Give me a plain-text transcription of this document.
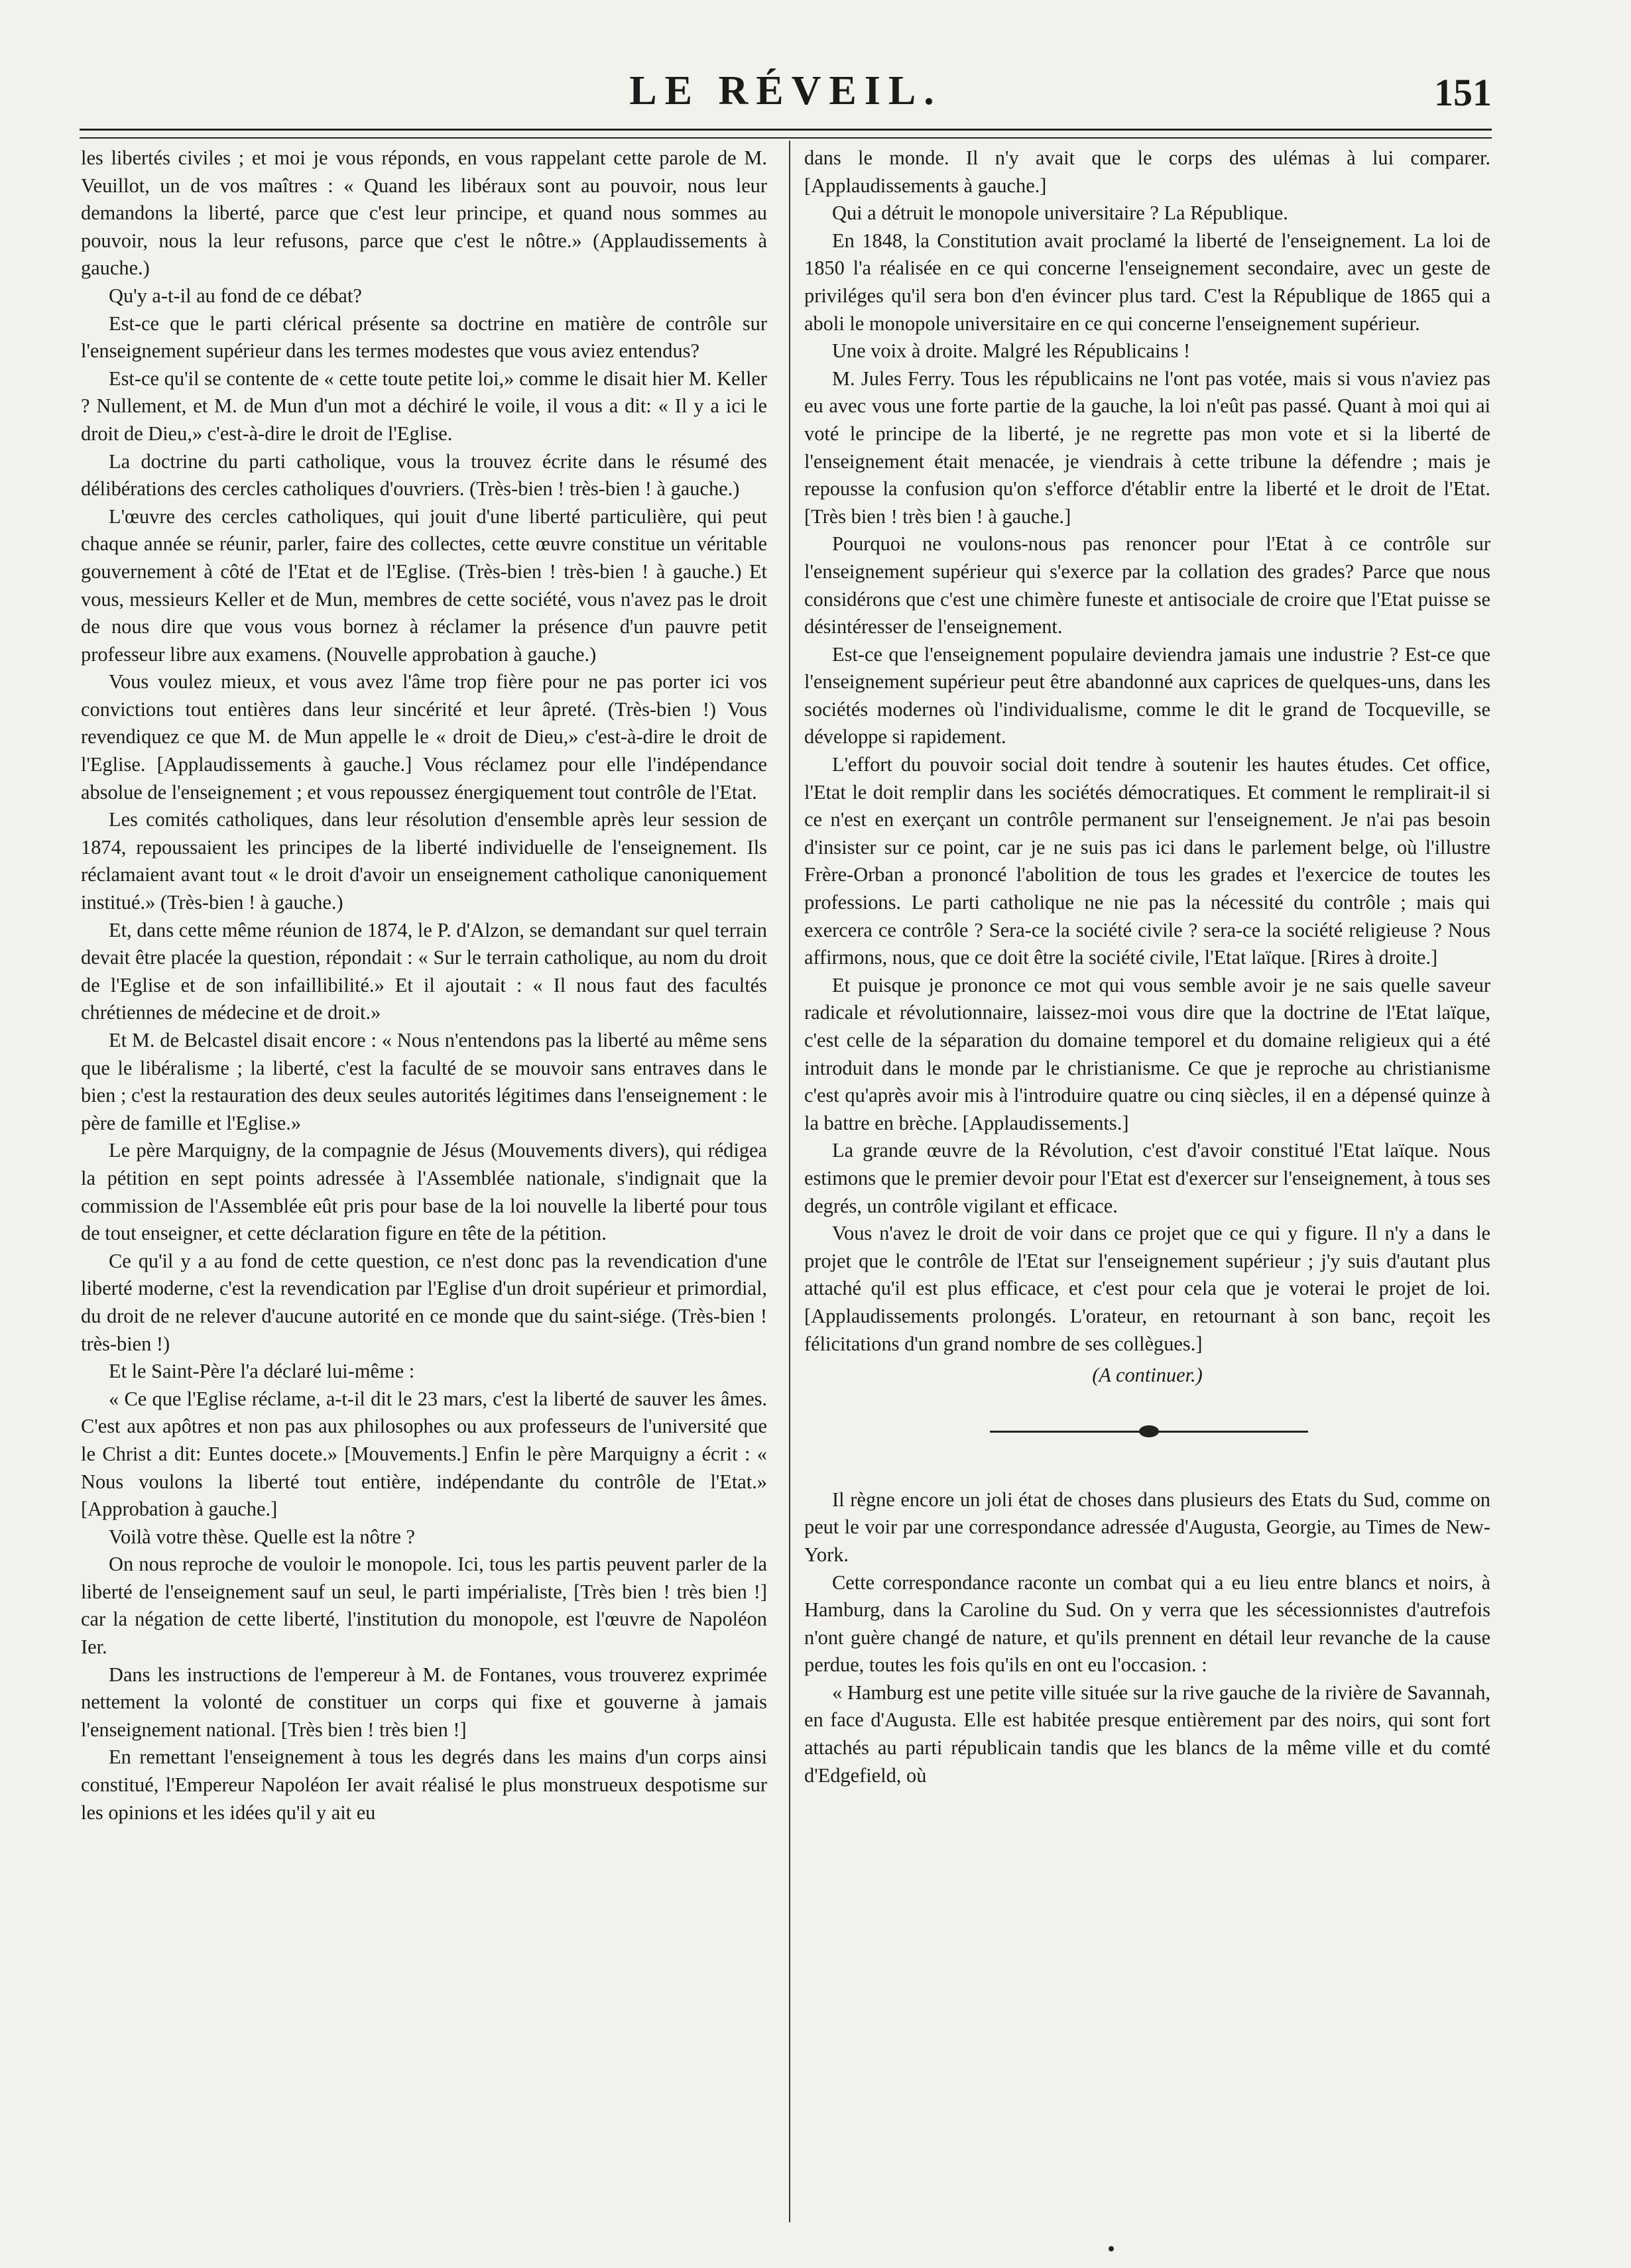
LE RÉVEIL.	151

les libertés civiles ; et moi je vous réponds, en vous rappelant cette parole de M. Veuillot, un de vos maîtres : « Quand les libéraux sont au pouvoir, nous leur demandons la liberté, parce que c'est leur principe, et quand nous sommes au pouvoir, nous la leur refusons, parce que c'est le nôtre.» (Applaudissements à gauche.)

Qu'y a-t-il au fond de ce débat?

Est-ce que le parti clérical présente sa doctrine en matière de contrôle sur l'enseignement supérieur dans les termes modestes que vous aviez entendus?

Est-ce qu'il se contente de « cette toute petite loi,» comme le disait hier M. Keller ? Nullement, et M. de Mun d'un mot a déchiré le voile, il vous a dit: « Il y a ici le droit de Dieu,» c'est-à-dire le droit de l'Eglise.

La doctrine du parti catholique, vous la trouvez écrite dans le résumé des délibérations des cercles catholiques d'ouvriers. (Très-bien ! très-bien ! à gauche.)

L'œuvre des cercles catholiques, qui jouit d'une liberté particulière, qui peut chaque année se réunir, parler, faire des collectes, cette œuvre constitue un véritable gouvernement à côté de l'Etat et de l'Eglise. (Très-bien ! très-bien ! à gauche.) Et vous, messieurs Keller et de Mun, membres de cette société, vous n'avez pas le droit de nous dire que vous vous bornez à réclamer la présence d'un pauvre petit professeur libre aux examens. (Nouvelle approbation à gauche.)

Vous voulez mieux, et vous avez l'âme trop fière pour ne pas porter ici vos convictions tout entières dans leur sincérité et leur âpreté. (Très-bien !) Vous revendiquez ce que M. de Mun appelle le « droit de Dieu,» c'est-à-dire le droit de l'Eglise. [Applaudissements à gauche.] Vous réclamez pour elle l'indépendance absolue de l'enseignement ; et vous repoussez énergiquement tout contrôle de l'Etat.

Les comités catholiques, dans leur résolution d'ensemble après leur session de 1874, repoussaient les principes de la liberté individuelle de l'enseignement. Ils réclamaient avant tout « le droit d'avoir un enseignement catholique canoniquement institué.» (Très-bien ! à gauche.)

Et, dans cette même réunion de 1874, le P. d'Alzon, se demandant sur quel terrain devait être placée la question, répondait : « Sur le terrain catholique, au nom du droit de l'Eglise et de son infaillibilité.» Et il ajoutait : « Il nous faut des facultés chrétiennes de médecine et de droit.»

Et M. de Belcastel disait encore : « Nous n'entendons pas la liberté au même sens que le libéralisme ; la liberté, c'est la faculté de se mouvoir sans entraves dans le bien ; c'est la restauration des deux seules autorités légitimes dans l'enseignement : le père de famille et l'Eglise.»

Le père Marquigny, de la compagnie de Jésus (Mouvements divers), qui rédigea la pétition en sept points adressée à l'Assemblée nationale, s'indignait que la commission de l'Assemblée eût pris pour base de la loi nouvelle la liberté pour tous de tout enseigner, et cette déclaration figure en tête de la pétition.

Ce qu'il y a au fond de cette question, ce n'est donc pas la revendication d'une liberté moderne, c'est la revendication par l'Eglise d'un droit supérieur et primordial, du droit de ne relever d'aucune autorité en ce monde que du saint-siége. (Très-bien ! très-bien !)

Et le Saint-Père l'a déclaré lui-même :

« Ce que l'Eglise réclame, a-t-il dit le 23 mars, c'est la liberté de sauver les âmes. C'est aux apôtres et non pas aux philosophes ou aux professeurs de l'université que le Christ a dit: Euntes docete.» [Mouvements.] Enfin le père Marquigny a écrit : « Nous voulons la liberté tout entière, indépendante du contrôle de l'Etat.» [Approbation à gauche.]

Voilà votre thèse. Quelle est la nôtre ?

On nous reproche de vouloir le monopole. Ici, tous les partis peuvent parler de la liberté de l'enseignement sauf un seul, le parti impérialiste, [Très bien ! très bien !] car la négation de cette liberté, l'institution du monopole, est l'œuvre de Napoléon Ier.

Dans les instructions de l'empereur à M. de Fontanes, vous trouverez exprimée nettement la volonté de constituer un corps qui fixe et gouverne à jamais l'enseignement national. [Très bien ! très bien !]

En remettant l'enseignement à tous les degrés dans les mains d'un corps ainsi constitué, l'Empereur Napoléon Ier avait réalisé le plus monstrueux despotisme sur les opinions et les idées qu'il y ait eu

dans le monde. Il n'y avait que le corps des ulémas à lui comparer. [Applaudissements à gauche.]

Qui a détruit le monopole universitaire ? La République.

En 1848, la Constitution avait proclamé la liberté de l'enseignement. La loi de 1850 l'a réalisée en ce qui concerne l'enseignement secondaire, avec un geste de priviléges qu'il sera bon d'en évincer plus tard. C'est la République de 1865 qui a aboli le monopole universitaire en ce qui concerne l'enseignement supérieur.

Une voix à droite. Malgré les Républicains !

M. Jules Ferry. Tous les républicains ne l'ont pas votée, mais si vous n'aviez pas eu avec vous une forte partie de la gauche, la loi n'eût pas passé. Quant à moi qui ai voté le principe de la liberté, je ne regrette pas mon vote et si la liberté de l'enseignement était menacée, je viendrais à cette tribune la défendre ; mais je repousse la confusion qu'on s'efforce d'établir entre la liberté et le droit de l'Etat. [Très bien ! très bien ! à gauche.]

Pourquoi ne voulons-nous pas renoncer pour l'Etat à ce contrôle sur l'enseignement supérieur qui s'exerce par la collation des grades? Parce que nous considérons que c'est une chimère funeste et antisociale de croire que l'Etat puisse se désintéresser de l'enseignement.

Est-ce que l'enseignement populaire deviendra jamais une industrie ? Est-ce que l'enseignement supérieur peut être abandonné aux caprices de quelques-uns, dans les sociétés modernes où l'individualisme, comme le dit le grand de Tocqueville, se développe si rapidement.

L'effort du pouvoir social doit tendre à soutenir les hautes études. Cet office, l'Etat le doit remplir dans les sociétés démocratiques. Et comment le remplirait-il si ce n'est en exerçant un contrôle permanent sur l'enseignement. Je n'ai pas besoin d'insister sur ce point, car je ne suis pas ici dans le parlement belge, où l'illustre Frère-Orban a prononcé l'abolition de tous les grades et l'exercice de toutes les professions. Le parti catholique ne nie pas la nécessité du contrôle ; mais qui exercera ce contrôle ? Sera-ce la société civile ? sera-ce la société religieuse ? Nous affirmons, nous, que ce doit être la société civile, l'Etat laïque. [Rires à droite.]

Et puisque je prononce ce mot qui vous semble avoir je ne sais quelle saveur radicale et révolutionnaire, laissez-moi vous dire que la doctrine de l'Etat laïque, c'est celle de la séparation du domaine temporel et du domaine religieux qui a été introduit dans le monde par le christianisme. Ce que je reproche au christianisme c'est qu'après avoir mis à l'introduire quatre ou cinq siècles, il en a dépensé quinze à la battre en brèche. [Applaudissements.]

La grande œuvre de la Révolution, c'est d'avoir constitué l'Etat laïque. Nous estimons que le premier devoir pour l'Etat est d'exercer sur l'enseignement, à tous ses degrés, un contrôle vigilant et efficace.

Vous n'avez le droit de voir dans ce projet que ce qui y figure. Il n'y a dans le projet que le contrôle de l'Etat sur l'enseignement supérieur ; j'y suis d'autant plus attaché qu'il est plus efficace, et c'est pour cela que je voterai le projet de loi. [Applaudissements prolongés. L'orateur, en retournant à son banc, reçoit les félicitations d'un grand nombre de ses collègues.]

(A continuer.)

Il règne encore un joli état de choses dans plusieurs des Etats du Sud, comme on peut le voir par une correspondance adressée d'Augusta, Georgie, au Times de New-York.

Cette correspondance raconte un combat qui a eu lieu entre blancs et noirs, à Hamburg, dans la Caroline du Sud. On y verra que les sécessionnistes d'autrefois n'ont guère changé de nature, et qu'ils prennent en détail leur revanche de la cause perdue, toutes les fois qu'ils en ont eu l'occasion. :

« Hamburg est une petite ville située sur la rive gauche de la rivière de Savannah, en face d'Augusta. Elle est habitée presque entièrement par des noirs, qui sont fort attachés au parti républicain tandis que les blancs de la même ville et du comté d'Edgefield, où
